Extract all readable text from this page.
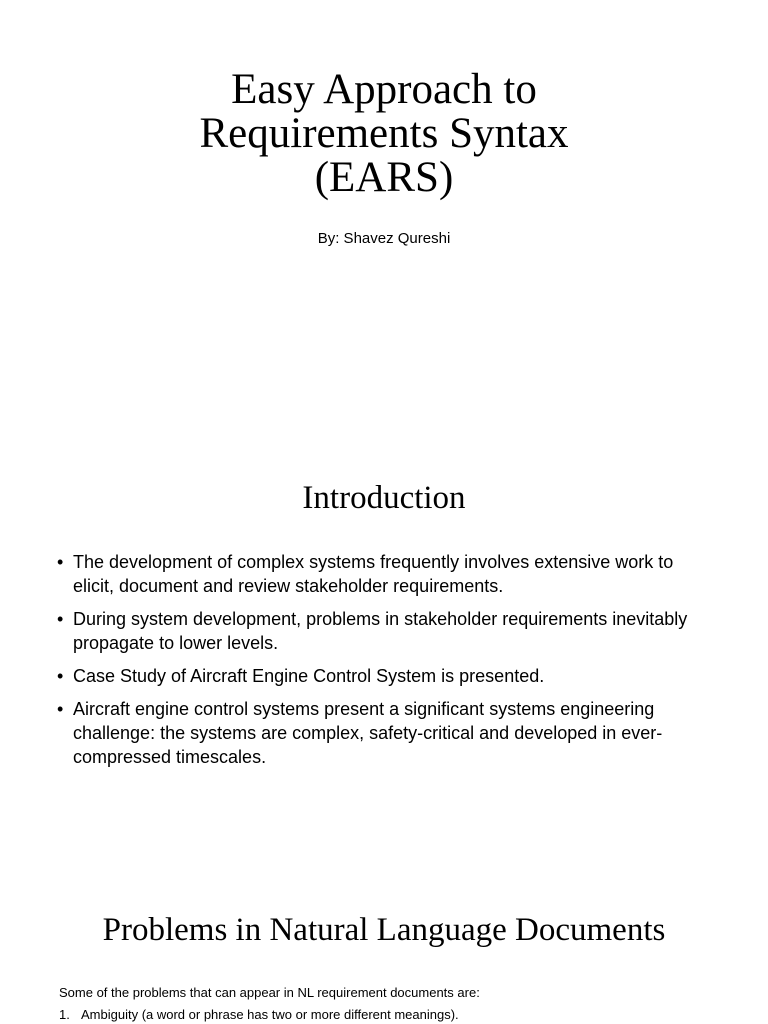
Easy Approach to
Requirements Syntax
(EARS)
By: Shavez Qureshi
Introduction
• The development of complex systems frequently involves extensive work to elicit, document and review stakeholder requirements.
• During system development, problems in stakeholder requirements inevitably propagate to lower levels.
• Case Study of Aircraft Engine Control System is presented.
• Aircraft engine control systems present a significant systems engineering challenge: the systems are complex, safety-critical and developed in ever-compressed timescales.
Problems in Natural Language Documents

Some of the problems that can appear in NL requirement documents are:

1. Ambiguity (a word or phrase has two or more different meanings).
